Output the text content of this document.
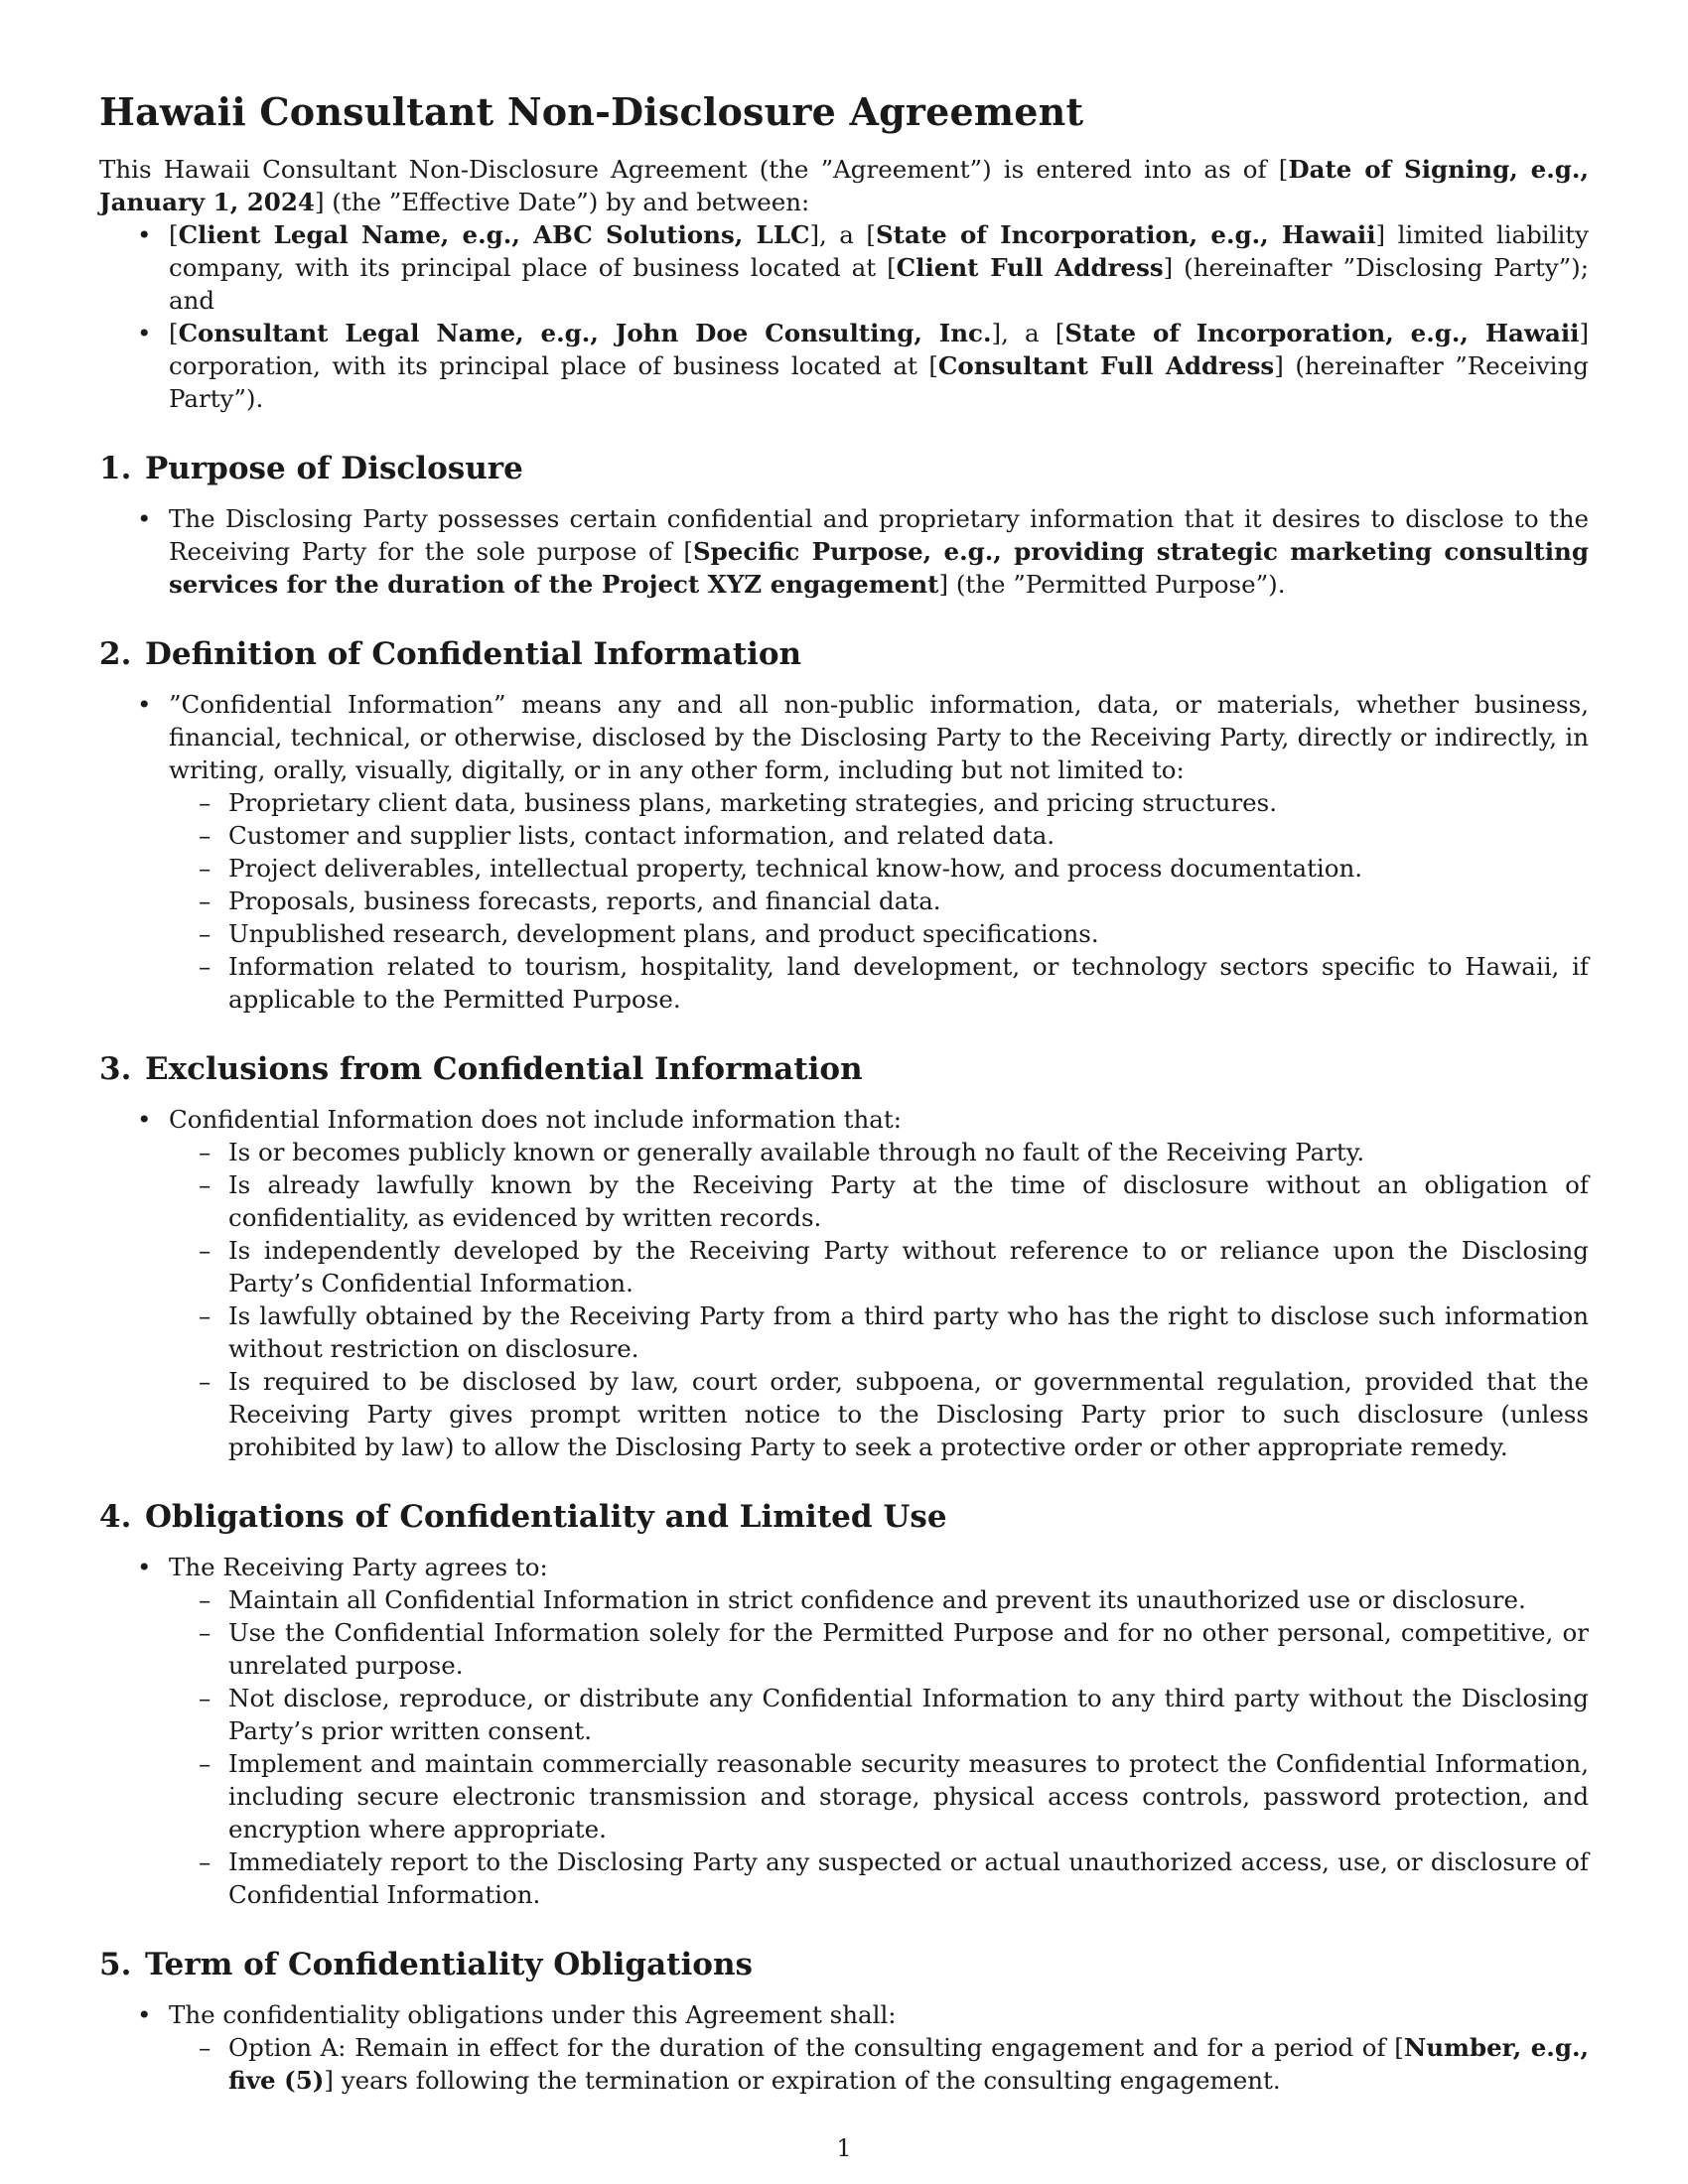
Hawaii Consultant Non-Disclosure Agreement

This Hawaii Consultant Non-Disclosure Agreement (the ”Agreement”) is entered into as of [Date of Signing, e.g., January 1, 2024] (the ”Effective Date”) by and between:

• [Client Legal Name, e.g., ABC Solutions, LLC], a [State of Incorporation, e.g., Hawaii] limited liability company, with its principal place of business located at [Client Full Address] (hereinafter ”Disclosing Party”); and
• [Consultant Legal Name, e.g., John Doe Consulting, Inc.], a [State of Incorporation, e.g., Hawaii] corporation, with its principal place of business located at [Consultant Full Address] (hereinafter ”Receiving Party”).
1. Purpose of Disclosure
• The Disclosing Party possesses certain confidential and proprietary information that it desires to disclose to the Receiving Party for the sole purpose of [Specific Purpose, e.g., providing strategic marketing consulting services for the duration of the Project XYZ engagement] (the ”Permitted Purpose”).
2. Definition of Confidential Information
• ”Confidential Information” means any and all non-public information, data, or materials, whether business, financial, technical, or otherwise, disclosed by the Disclosing Party to the Receiving Party, directly or indirectly, in writing, orally, visually, digitally, or in any other form, including but not limited to:
– Proprietary client data, business plans, marketing strategies, and pricing structures.
– Customer and supplier lists, contact information, and related data.
– Project deliverables, intellectual property, technical know-how, and process documentation.
– Proposals, business forecasts, reports, and financial data.
– Unpublished research, development plans, and product specifications.
– Information related to tourism, hospitality, land development, or technology sectors specific to Hawaii, if applicable to the Permitted Purpose.
3. Exclusions from Confidential Information
• Confidential Information does not include information that:
– Is or becomes publicly known or generally available through no fault of the Receiving Party.
– Is already lawfully known by the Receiving Party at the time of disclosure without an obligation of confidentiality, as evidenced by written records.
– Is independently developed by the Receiving Party without reference to or reliance upon the Disclosing Party’s Confidential Information.
– Is lawfully obtained by the Receiving Party from a third party who has the right to disclose such information without restriction on disclosure.
– Is required to be disclosed by law, court order, subpoena, or governmental regulation, provided that the Receiving Party gives prompt written notice to the Disclosing Party prior to such disclosure (unless prohibited by law) to allow the Disclosing Party to seek a protective order or other appropriate remedy.
4. Obligations of Confidentiality and Limited Use
• The Receiving Party agrees to:
– Maintain all Confidential Information in strict confidence and prevent its unauthorized use or disclosure.
– Use the Confidential Information solely for the Permitted Purpose and for no other personal, competitive, or unrelated purpose.
– Not disclose, reproduce, or distribute any Confidential Information to any third party without the Disclosing Party’s prior written consent.
– Implement and maintain commercially reasonable security measures to protect the Confidential Information, including secure electronic transmission and storage, physical access controls, password protection, and encryption where appropriate.
– Immediately report to the Disclosing Party any suspected or actual unauthorized access, use, or disclosure of Confidential Information.
5. Term of Confidentiality Obligations
• The confidentiality obligations under this Agreement shall:
– Option A: Remain in effect for the duration of the consulting engagement and for a period of [Number, e.g., five (5)] years following the termination or expiration of the consulting engagement.
1
